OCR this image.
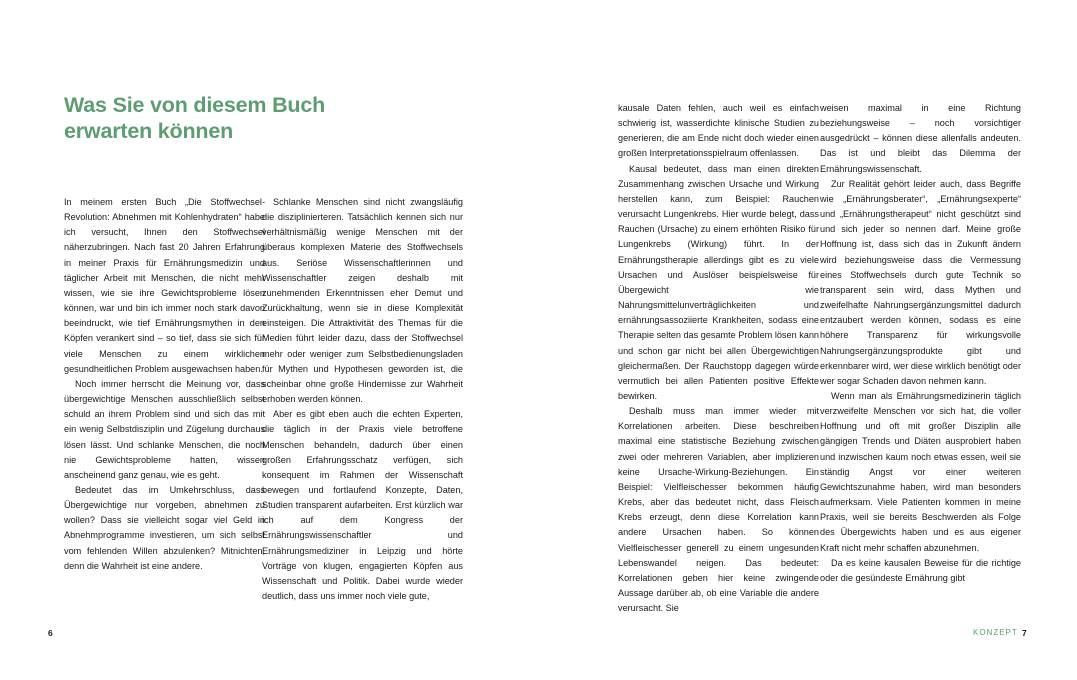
Was Sie von diesem Buch
erwarten können

In meinem ersten Buch „Die Stoffwechsel-Revolution: Abnehmen mit Kohlenhydraten“ habe ich versucht, Ihnen den Stoffwechsel näherzubringen. Nach fast 20 Jahren Erfahrung in meiner Praxis für Ernährungsmedizin und täglicher Arbeit mit Menschen, die nicht mehr wissen, wie sie ihre Gewichtsprobleme lösen können, war und bin ich immer noch stark davon beeindruckt, wie tief Ernährungsmythen in den Köpfen verankert sind – so tief, dass sie sich für viele Menschen zu einem wirklichen gesundheitlichen Problem ausgewachsen haben.

Noch immer herrscht die Meinung vor, dass übergewichtige Menschen ausschließlich selbst schuld an ihrem Problem sind und sich das mit ein wenig Selbstdisziplin und Zügelung durchaus lösen lässt. Und schlanke Menschen, die noch nie Gewichtsprobleme hatten, wissen anscheinend ganz genau, wie es geht.

Bedeutet das im Umkehrschluss, dass Übergewichtige nur vorgeben, abnehmen zu wollen? Dass sie vielleicht sogar viel Geld in Abnehmprogramme investieren, um sich selbst vom fehlenden Willen abzulenken? Mitnichten, denn die Wahrheit ist eine andere.

Schlanke Menschen sind nicht zwangsläufig die disziplinierteren. Tatsächlich kennen sich nur verhältnismäßig wenige Menschen mit der überaus komplexen Materie des Stoffwechsels aus. Seriöse Wissenschaftlerinnen und Wissenschaftler zeigen deshalb mit zunehmenden Erkenntnissen eher Demut und Zurückhaltung, wenn sie in diese Komplexität einsteigen. Die Attraktivität des Themas für die Medien führt leider dazu, dass der Stoffwechsel mehr oder weniger zum Selbstbedienungsladen für Mythen und Hypothesen geworden ist, die scheinbar ohne große Hindernisse zur Wahrheit erhoben werden können.

Aber es gibt eben auch die echten Experten, die täglich in der Praxis viele betroffene Menschen behandeln, dadurch über einen großen Erfahrungsschatz verfügen, sich konsequent im Rahmen der Wissenschaft bewegen und fortlaufend Konzepte, Daten, Studien transparent aufarbeiten. Erst kürzlich war ich auf dem Kongress der Ernährungswissenschaftler und Ernährungsmediziner in Leipzig und hörte Vorträge von klugen, engagierten Köpfen aus Wissenschaft und Politik. Dabei wurde wieder deutlich, dass uns immer noch viele gute,

kausale Daten fehlen, auch weil es einfach schwierig ist, wasserdichte klinische Studien zu generieren, die am Ende nicht doch wieder einen großen Interpretationsspielraum offenlassen.

Kausal bedeutet, dass man einen direkten Zusammenhang zwischen Ursache und Wirkung herstellen kann, zum Beispiel: Rauchen verursacht Lungenkrebs. Hier wurde belegt, dass Rauchen (Ursache) zu einem erhöhten Risiko für Lungenkrebs (Wirkung) führt. In der Ernährungstherapie allerdings gibt es zu viele Ursachen und Auslöser beispielsweise für Übergewicht wie Nahrungsmittelunverträglichkeiten und ernährungsassoziierte Krankheiten, sodass eine Therapie selten das gesamte Problem lösen kann und schon gar nicht bei allen Übergewichtigen gleichermaßen. Der Rauchstopp dagegen würde vermutlich bei allen Patienten positive Effekte bewirken.

Deshalb muss man immer wieder mit Korrelationen arbeiten. Diese beschreiben maximal eine statistische Beziehung zwischen zwei oder mehreren Variablen, aber implizieren keine Ursache-Wirkung-Beziehungen. Ein Beispiel: Vielfleischesser bekommen häufig Krebs, aber das bedeutet nicht, dass Fleisch Krebs erzeugt, denn diese Korrelation kann andere Ursachen haben. So können Vielfleischesser generell zu einem ungesunden Lebenswandel neigen. Das bedeutet: Korrelationen geben hier keine zwingende Aussage darüber ab, ob eine Variable die andere verursacht. Sie

weisen maximal in eine Richtung beziehungsweise – noch vorsichtiger ausgedrückt – können diese allenfalls andeuten. Das ist und bleibt das Dilemma der Ernährungswissenschaft.

Zur Realität gehört leider auch, dass Begriffe wie „Ernährungsberater“, „Ernährungsexperte“ und „Ernährungstherapeut“ nicht geschützt sind und sich jeder so nennen darf. Meine große Hoffnung ist, dass sich das in Zukunft ändern wird beziehungsweise dass die Vermessung eines Stoffwechsels durch gute Technik so transparent sein wird, dass Mythen und zweifelhafte Nahrungsergänzungsmittel dadurch entzaubert werden können, sodass es eine höhere Transparenz für wirkungsvolle Nahrungsergänzungsprodukte gibt und erkennbarer wird, wer diese wirklich benötigt oder wer sogar Schaden davon nehmen kann.

Wenn man als Ernährungsmedizinerin täglich verzweifelte Menschen vor sich hat, die voller Hoffnung und oft mit großer Disziplin alle gängigen Trends und Diäten ausprobiert haben und inzwischen kaum noch etwas essen, weil sie ständig Angst vor einer weiteren Gewichtszunahme haben, wird man besonders aufmerksam. Viele Patienten kommen in meine Praxis, weil sie bereits Beschwerden als Folge des Übergewichts haben und es aus eigener Kraft nicht mehr schaffen abzunehmen.

Da es keine kausalen Beweise für die richtige oder die gesündeste Ernährung gibt

6	KONZEPT 7
